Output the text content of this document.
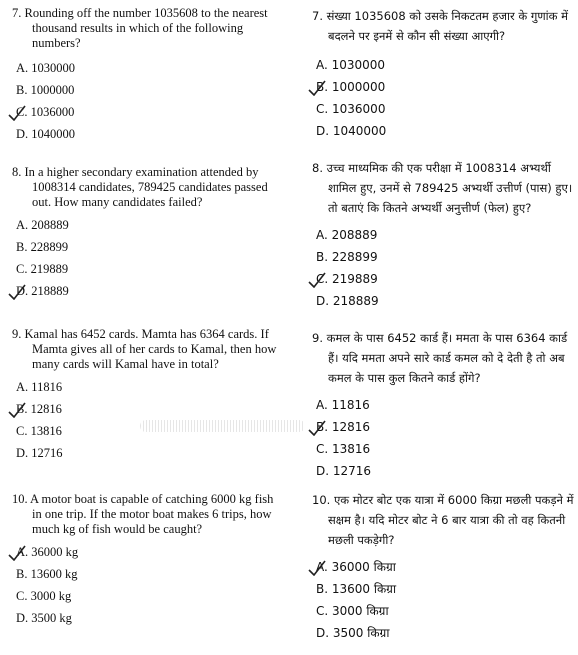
7. Rounding off the number 1035608 to the nearest thousand results in which of the following numbers?
A. 1030000
B. 1000000
C. 1036000
D. 1040000
8. In a higher secondary examination attended by 1008314 candidates, 789425 candidates passed out. How many candidates failed?
A. 208889
B. 228899
C. 219889
D. 218889
9. Kamal has 6452 cards. Mamta has 6364 cards. If Mamta gives all of her cards to Kamal, then how many cards will Kamal have in total?
A. 11816
B. 12816
C. 13816
D. 12716
10. A motor boat is capable of catching 6000 kg fish in one trip. If the motor boat makes 6 trips, how much kg of fish would be caught?
A. 36000 kg
B. 13600 kg
C. 3000 kg
D. 3500 kg
7. संख्या 1035608 को उसके निकटतम हजार के गुणांक में बदलने पर इनमें से कौन सी संख्या आएगी?
A. 1030000
B. 1000000
C. 1036000
D. 1040000
8. उच्च माध्यमिक की एक परीक्षा में 1008314 अभ्यर्थी शामिल हुए, उनमें से 789425 अभ्यर्थी उत्तीर्ण (पास) हुए। तो बताएं कि कितने अभ्यर्थी अनुत्तीर्ण (फेल) हुए?
A. 208889
B. 228899
C. 219889
D. 218889
9. कमल के पास 6452 कार्ड हैं। ममता के पास 6364 कार्ड हैं। यदि ममता अपने सारे कार्ड कमल को दे देती है तो अब कमल के पास कुल कितने कार्ड होंगे?
A. 11816
B. 12816
C. 13816
D. 12716
10. एक मोटर बोट एक यात्रा में 6000 किग्रा मछली पकड़ने में सक्षम है। यदि मोटर बोट ने 6 बार यात्रा की तो वह कितनी मछली पकड़ेगी?
A. 36000 किग्रा
B. 13600 किग्रा
C. 3000 किग्रा
D. 3500 किग्रा
